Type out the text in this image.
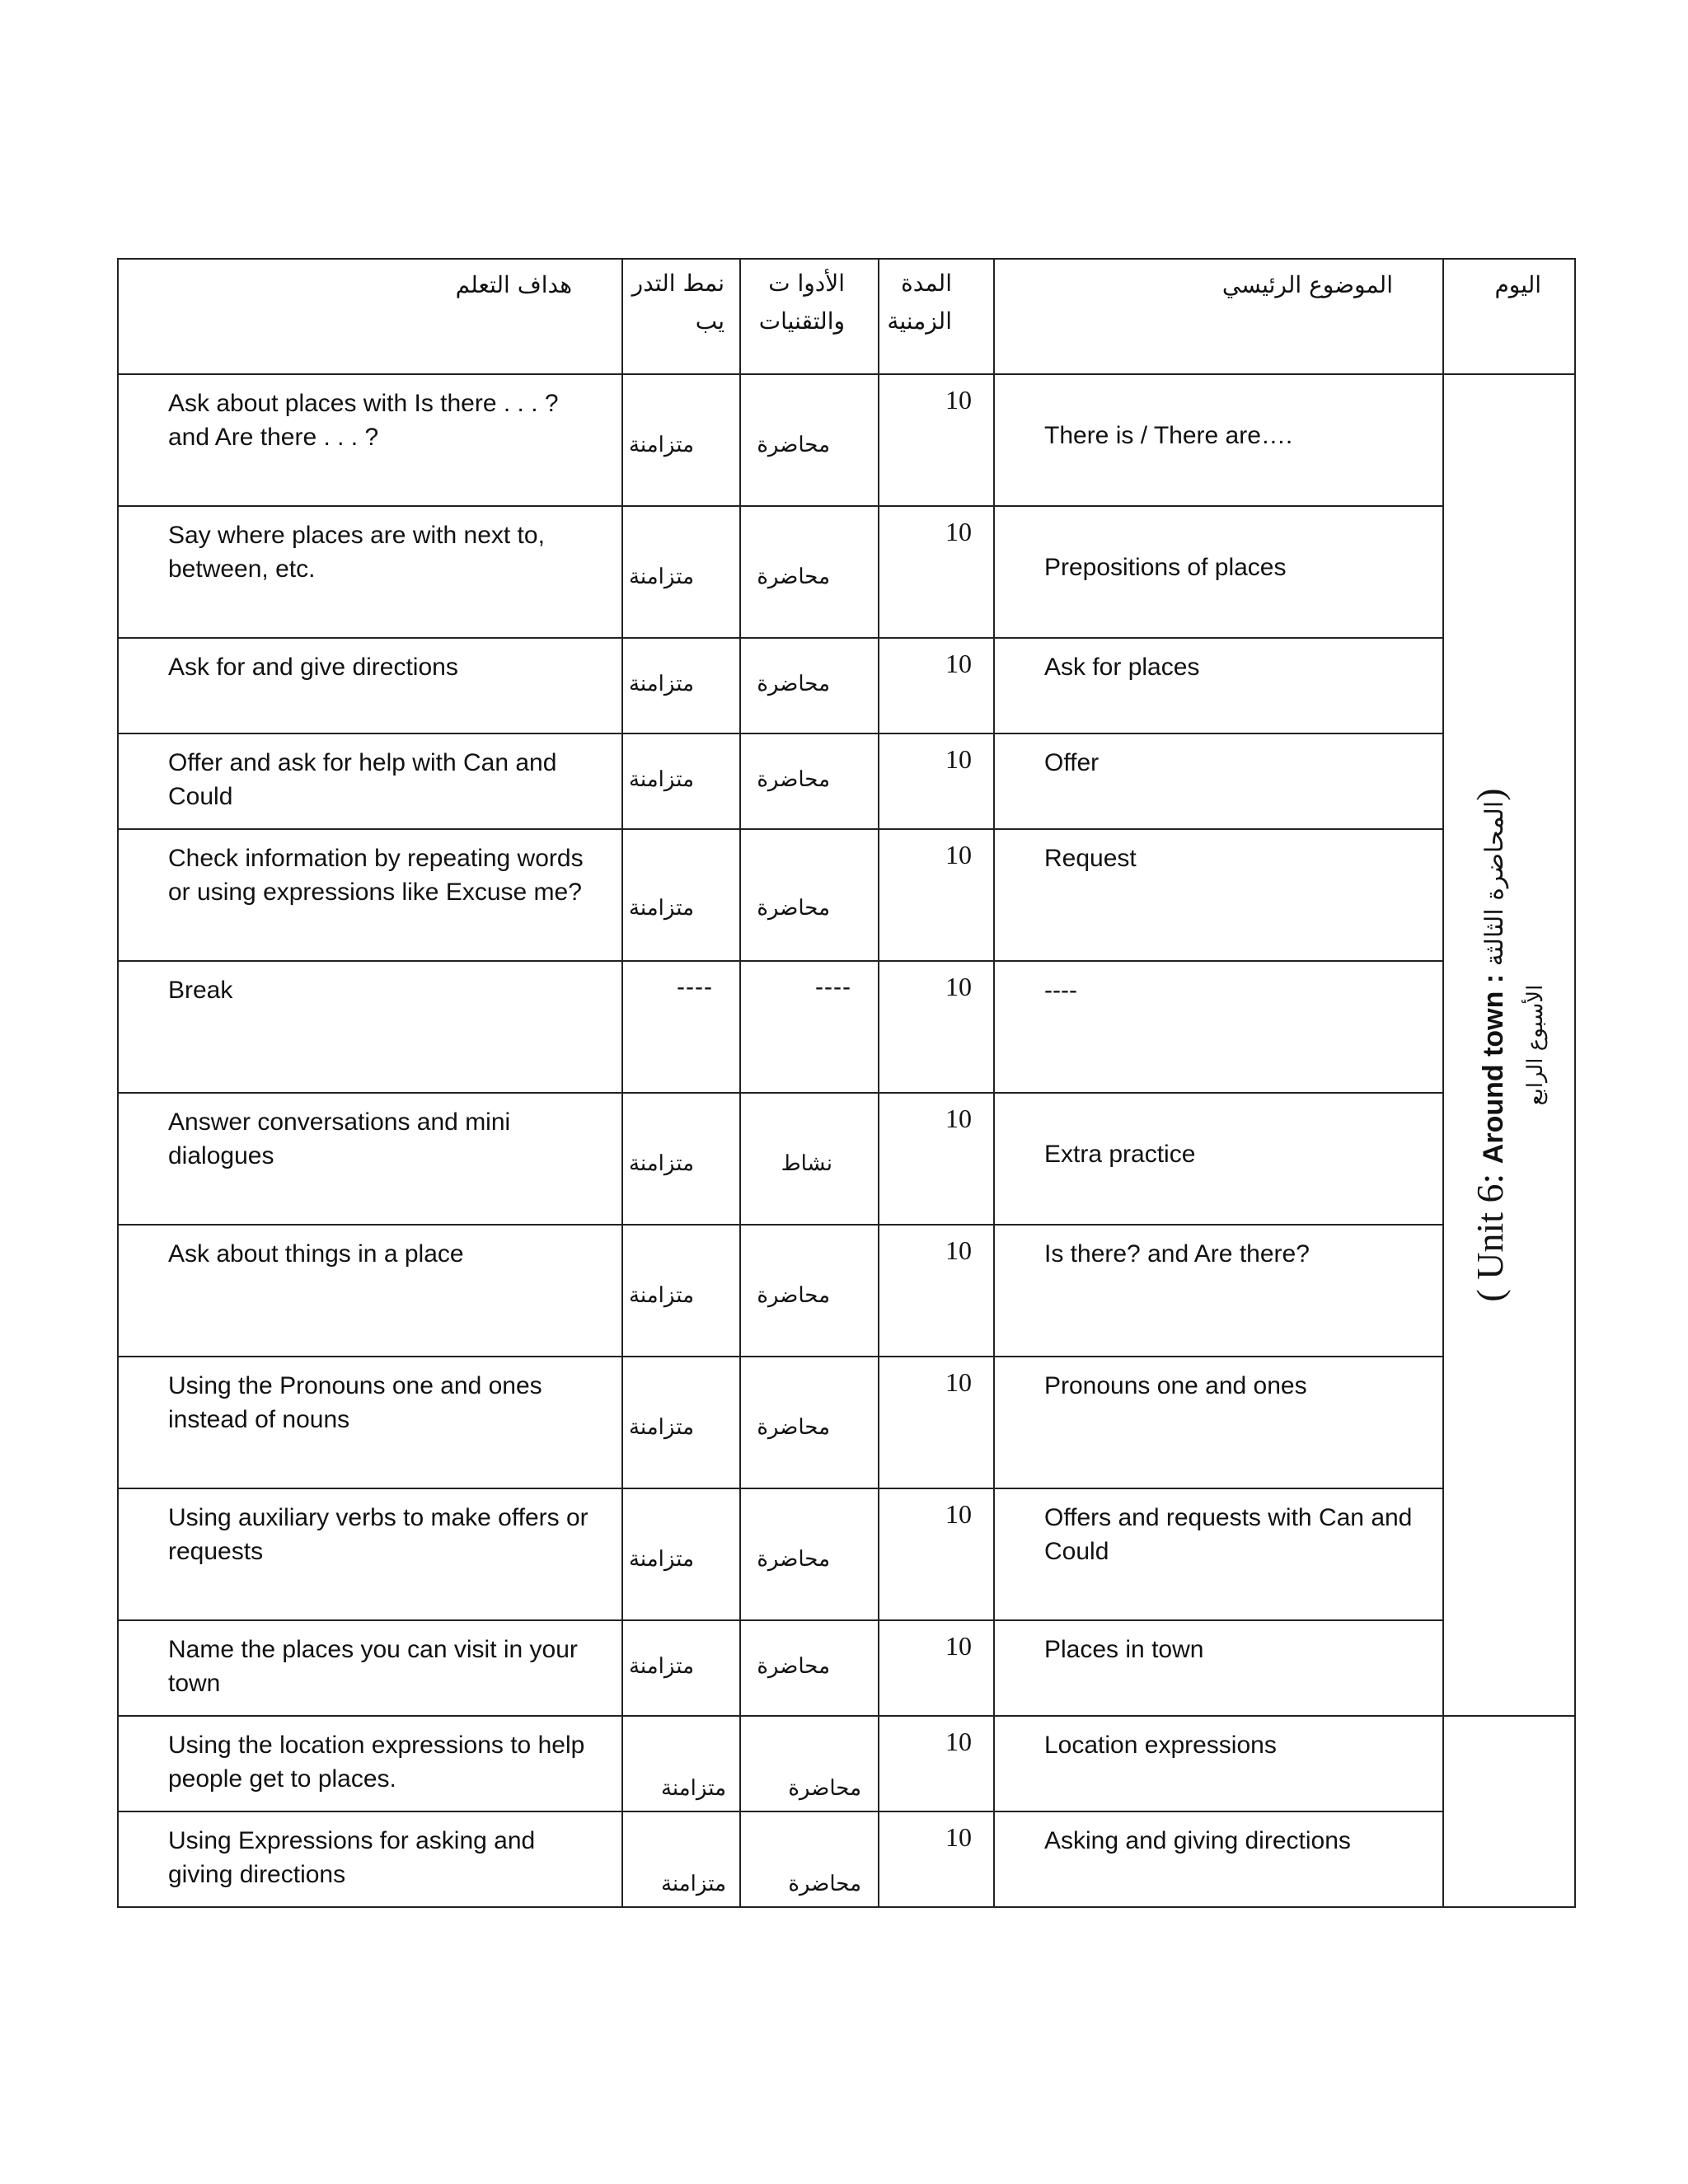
هداف التعلم	نمط التدر يب	الأدوا ت والتقنيات	المدة الزمنية	الموضوع الرئيسي	اليوم

Ask about places with Is there . . . ? and Are there . . . ?	متزامنة	محاضرة	10	There is / There are….	( Unit 6: Around town : المحاضرة الثالثة)
الأسبوع الرابع

Say where places are with next to, between, etc.	متزامنة	محاضرة	10	Prepositions of places	

Ask for and give directions	متزامنة	محاضرة	10	Ask for places	

Offer and ask for help with Can and Could	متزامنة	محاضرة	10	Offer	

Check information by repeating words or using expressions like Excuse me?	متزامنة	محاضرة	10	Request	

Break	----	----	10	----	

Answer conversations and mini dialogues	متزامنة	نشاط	10	Extra practice	

Ask about things in a place	متزامنة	محاضرة	10	Is there? and Are there?	

Using the Pronouns one and ones instead of nouns	متزامنة	محاضرة	10	Pronouns one and ones	

Using auxiliary verbs to make offers or requests	متزامنة	محاضرة	10	Offers and requests with Can and Could	

Name the places you can visit in your town	متزامنة	محاضرة	10	Places in town	

Using the location expressions to help people get to places.	متزامنة	محاضرة	10	Location expressions	

Using Expressions for asking and giving directions	متزامنة	محاضرة	10	Asking and giving directions	
